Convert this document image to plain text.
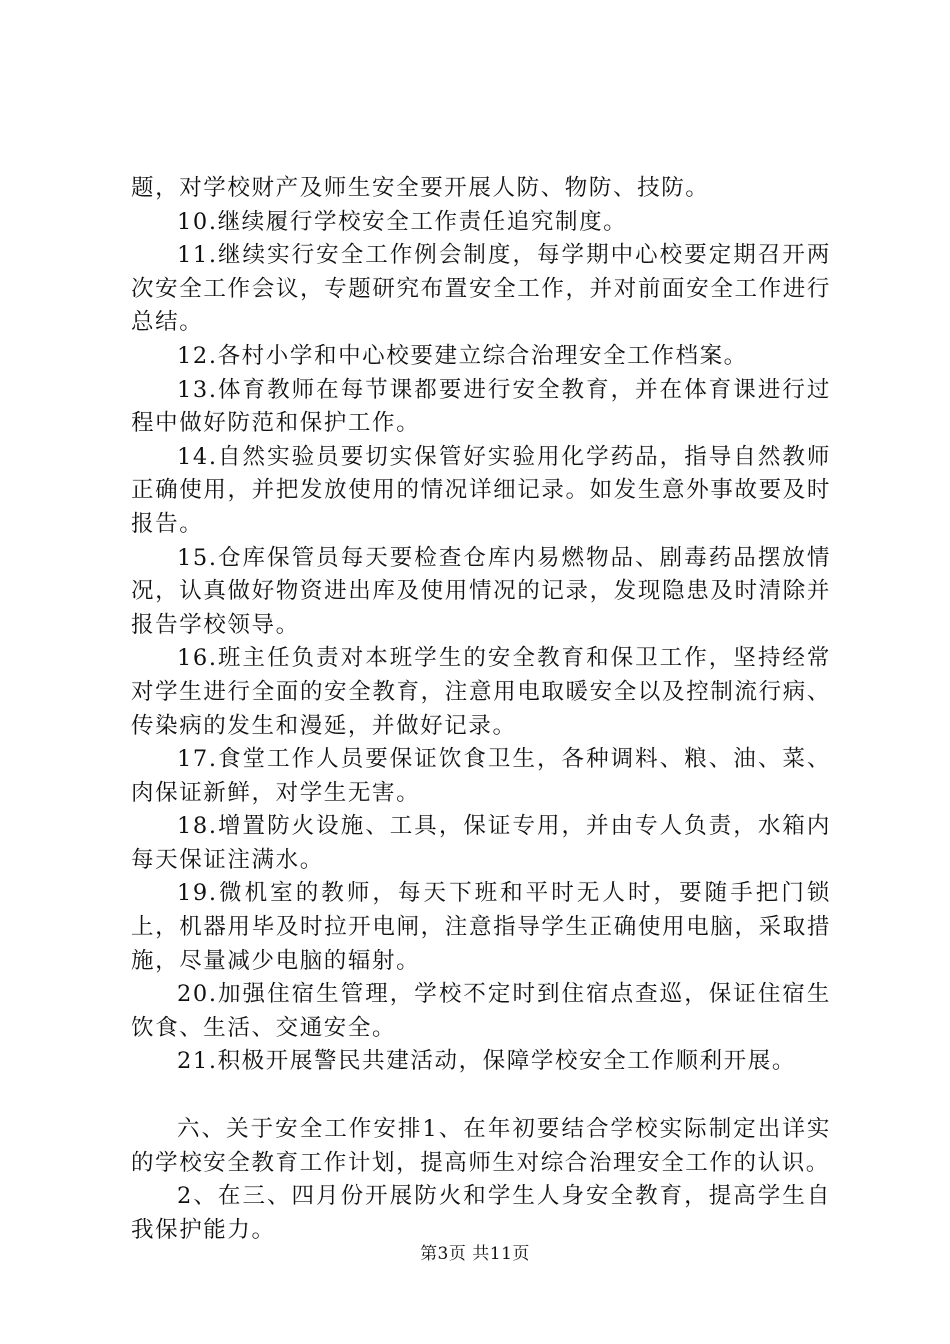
题，对学校财产及师生安全要开展人防、物防、技防。

10.继续履行学校安全工作责任追究制度。

11.继续实行安全工作例会制度，每学期中心校要定期召开两次安全工作会议，专题研究布置安全工作，并对前面安全工作进行总结。

12.各村小学和中心校要建立综合治理安全工作档案。

13.体育教师在每节课都要进行安全教育，并在体育课进行过程中做好防范和保护工作。

14.自然实验员要切实保管好实验用化学药品，指导自然教师正确使用，并把发放使用的情况详细记录。如发生意外事故要及时报告。

15.仓库保管员每天要检查仓库内易燃物品、剧毒药品摆放情况，认真做好物资进出库及使用情况的记录，发现隐患及时清除并报告学校领导。

16.班主任负责对本班学生的安全教育和保卫工作，坚持经常对学生进行全面的安全教育，注意用电取暖安全以及控制流行病、传染病的发生和漫延，并做好记录。

17.食堂工作人员要保证饮食卫生，各种调料、粮、油、菜、肉保证新鲜，对学生无害。

18.增置防火设施、工具，保证专用，并由专人负责，水箱内每天保证注满水。

19.微机室的教师，每天下班和平时无人时，要随手把门锁上，机器用毕及时拉开电闸，注意指导学生正确使用电脑，采取措施，尽量减少电脑的辐射。

20.加强住宿生管理，学校不定时到住宿点查巡，保证住宿生饮食、生活、交通安全。

21.积极开展警民共建活动，保障学校安全工作顺利开展。

六、关于安全工作安排1、在年初要结合学校实际制定出详实的学校安全教育工作计划，提高师生对综合治理安全工作的认识。

2、在三、四月份开展防火和学生人身安全教育，提高学生自我保护能力。

第3页 共11页
